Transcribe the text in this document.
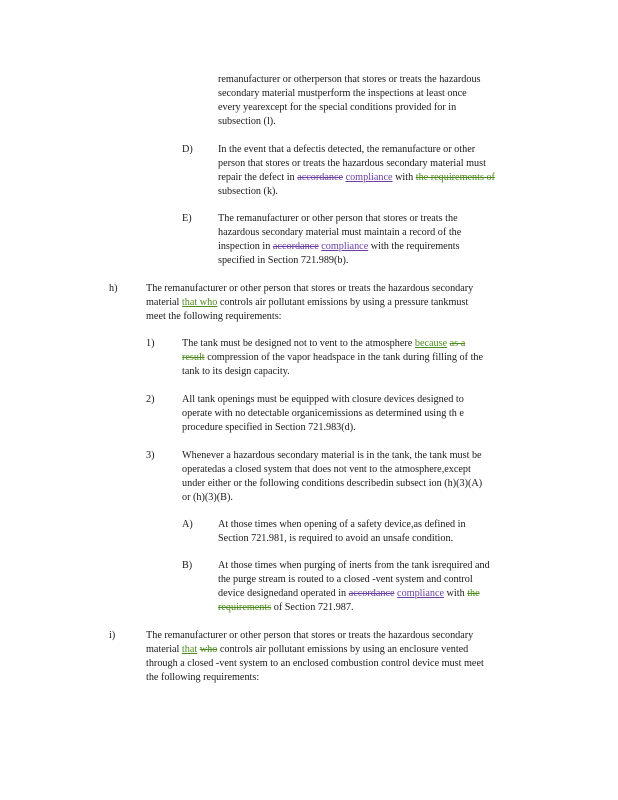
D)
E)
h)
1)
2)
3)
A)
B)
i)
remanufacturer or otherperson that stores or treats the hazardous
secondary material mustperform the inspections at least once
every yearexcept for the special conditions provided for in
subsection (l).
In the event that a defectis detected, the remanufacture or other
person that stores or treats the hazardous secondary material must
repair the defect in accordance compliance with the requirements of
subsection (k).
The remanufacturer or other person that stores or treats the
hazardous secondary material must maintain a record of the
inspection in accordance compliance with the requirements
specified in Section 721.989(b).
The remanufacturer or other person that stores or treats the hazardous secondary
material that who controls air pollutant emissions by using a pressure tankmust
meet the following requirements:
The tank must be designed not to vent to the atmosphere because as a
result compression of the vapor headspace in the tank during filling of the
tank to its design capacity.
All tank openings must be equipped with closure devices designed to
operate with no detectable organicemissions as determined using th e
procedure specified in Section 721.983(d).
Whenever a hazardous secondary material is in the tank, the tank must be
operatedas a closed system that does not vent to the atmosphere,except
under either or the following conditions describedin subsect ion (h)(3)(A)
or (h)(3)(B).
At those times when opening of a safety device,as defined in
Section 721.981, is required to avoid an unsafe condition.
At those times when purging of inerts from the tank isrequired and
the purge stream is routed to a closed -vent system and control
device designedand operated in accordance compliance with the
requirements of Section 721.987.
The remanufacturer or other person that stores or treats the hazardous secondary
material that who controls air pollutant emissions by using an enclosure vented
through a closed -vent system to an enclosed combustion control device must meet
the following requirements:
